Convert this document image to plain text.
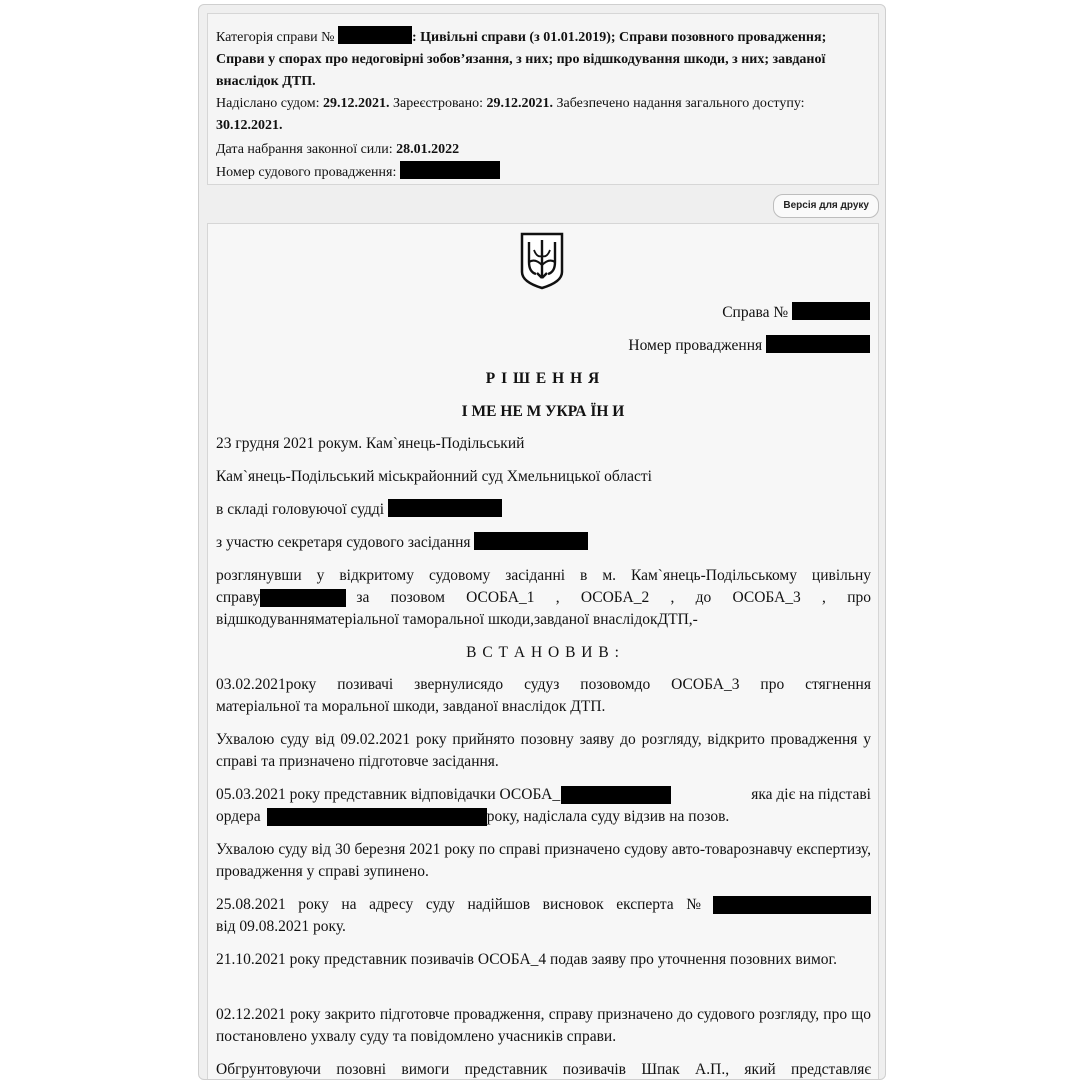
Категорія справи №	: Цивільні справи (з 01.01.2019); Справи позовного провадження; Справи у спорах про недоговірні зобов’язання, з них; про відшкодування шкоди, з них; завданої внаслідок ДТП.

Надіслано судом: 29.12.2021. Зареєстровано: 29.12.2021. Забезпечено надання загального доступу: 30.12.2021.

Дата набрання законної сили: 28.01.2022

Номер судового провадження:

Версія для друку
Справа №
Номер провадження
Р І Ш Е Н Н Я
І МЕ НЕ М УКРА ЇН И

23 грудня 2021 рокум. Кам`янець-Подільський

Кам`янець-Подільський міськрайонний суд Хмельницької області

в складі головуючої судді

з участю секретаря судового засідання

розглянувши у відкритому судовому засіданні в м. Кам`янець-Подільському цивільну

справу	за позовом ОСОБА_1 , ОСОБА_2 , до ОСОБА_3 , про

відшкодуванняматеріальної таморальної шкоди,завданої внаслідокДТП,-

В С Т А Н О В И В :

03.02.2021року позивачі звернулисядо судуз позовомдо ОСОБА_3 про стягнення

матеріальної та моральної шкоди, завданої внаслідок ДТП.

Ухвалою суду від 09.02.2021 року прийнято позовну заяву до розгляду, відкрито провадження у справі та призначено підготовче засідання.

05.03.2021 року представник відповідачки ОСОБА_	яка діє на підставі
ордера	року, надіслала суду відзив на позов.

Ухвалою суду від 30 березня 2021 року по справі призначено судову авто-товарознавчу експертизу, провадження у справі зупинено.

25.08.2021 року на адресу суду надійшов висновок експерта №

від 09.08.2021 року.

21.10.2021 року представник позивачів ОСОБА_4 подав заяву про уточнення позовних вимог.

02.12.2021 року закрито підготовче провадження, справу призначено до судового розгляду, про що постановлено ухвалу суду та повідомлено учасників справи.

Обгрунтовуючи позовні вимоги представник позивачів Шпак А.П., який представляє
